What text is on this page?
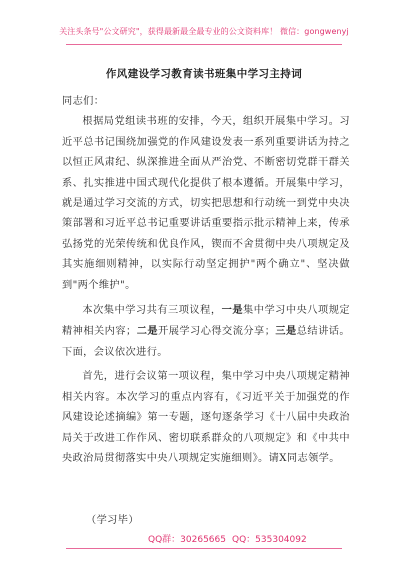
关注头条号"公文研究"，获得最新最全最专业的公文资料库！ 微信：gongwenyj
作风建设学习教育读书班集中学习主持词

同志们：

根据局党组读书班的安排，今天，组织开展集中学习。习近平总书记围绕加强党的作风建设发表一系列重要讲话为持之以恒正风肃纪、纵深推进全面从严治党、不断密切党群干群关系、扎实推进中国式现代化提供了根本遵循。开展集中学习，就是通过学习交流的方式，切实把思想和行动统一到党中央决策部署和习近平总书记重要讲话重要指示批示精神上来，传承弘扬党的光荣传统和优良作风，锲而不舍贯彻中央八项规定及其实施细则精神，以实际行动坚定拥护"两个确立"、坚决做到"两个维护"。

本次集中学习共有三项议程，一是集中学习中央八项规定精神相关内容；二是开展学习心得交流分享；三是总结讲话。下面，会议依次进行。

首先，进行会议第一项议程，集中学习中央八项规定精神相关内容。本次学习的重点内容有，《习近平关于加强党的作风建设论述摘编》第一专题，逐句逐条学习《十八届中央政治局关于改进工作作风、密切联系群众的八项规定》和《中共中央政治局贯彻落实中央八项规定实施细则》。请X同志领学。

（学习毕）
QQ群：30265665 QQ：535304092
